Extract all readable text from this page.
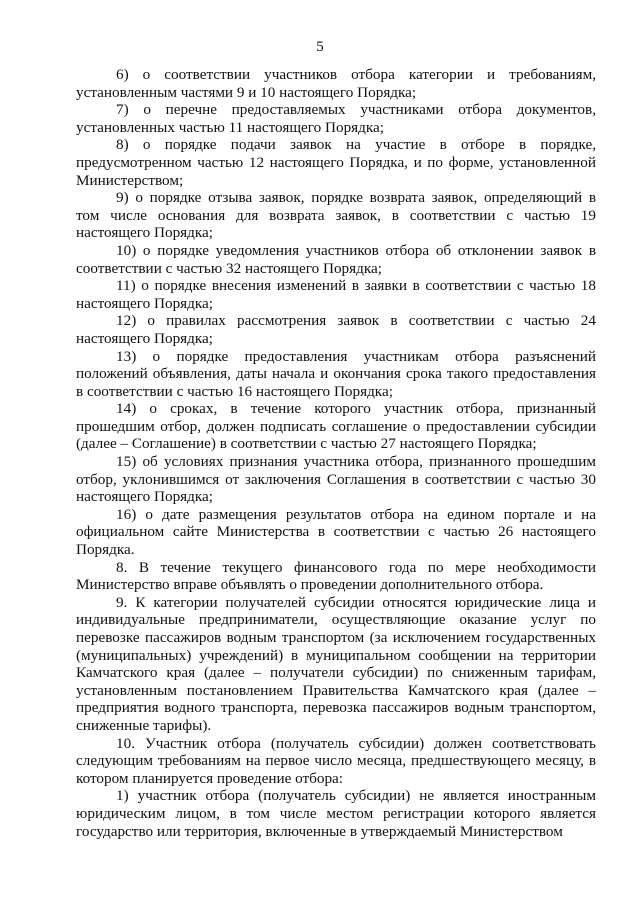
5

6) о соответствии участников отбора категории и требованиям, установленным частями 9 и 10 настоящего Порядка;

7) о перечне предоставляемых участниками отбора документов, установленных частью 11 настоящего Порядка;

8) о порядке подачи заявок на участие в отборе в порядке, предусмотренном частью 12 настоящего Порядка, и по форме, установленной Министерством;

9) о порядке отзыва заявок, порядке возврата заявок, определяющий в том числе основания для возврата заявок, в соответствии с частью 19 настоящего Порядка;

10) о порядке уведомления участников отбора об отклонении заявок в соответствии с частью 32 настоящего Порядка;

11) о порядке внесения изменений в заявки в соответствии с частью 18 настоящего Порядка;

12) о правилах рассмотрения заявок в соответствии с частью 24 настоящего Порядка;

13) о порядке предоставления участникам отбора разъяснений положений объявления, даты начала и окончания срока такого предоставления в соответствии с частью 16 настоящего Порядка;

14) о сроках, в течение которого участник отбора, признанный прошедшим отбор, должен подписать соглашение о предоставлении субсидии (далее – Соглашение) в соответствии с частью 27 настоящего Порядка;

15) об условиях признания участника отбора, признанного прошедшим отбор, уклонившимся от заключения Соглашения в соответствии с частью 30 настоящего Порядка;

16) о дате размещения результатов отбора на едином портале и на официальном сайте Министерства в соответствии с частью 26 настоящего Порядка.

8. В течение текущего финансового года по мере необходимости Министерство вправе объявлять о проведении дополнительного отбора.

9. К категории получателей субсидии относятся юридические лица и индивидуальные предприниматели, осуществляющие оказание услуг по перевозке пассажиров водным транспортом (за исключением государственных (муниципальных) учреждений) в муниципальном сообщении на территории Камчатского края (далее – получатели субсидии) по сниженным тарифам, установленным постановлением Правительства Камчатского края (далее – предприятия водного транспорта, перевозка пассажиров водным транспортом, сниженные тарифы).

10. Участник отбора (получатель субсидии) должен соответствовать следующим требованиям на первое число месяца, предшествующего месяцу, в котором планируется проведение отбора:

1) участник отбора (получатель субсидии) не является иностранным юридическим лицом, в том числе местом регистрации которого является государство или территория, включенные в утверждаемый Министерством
